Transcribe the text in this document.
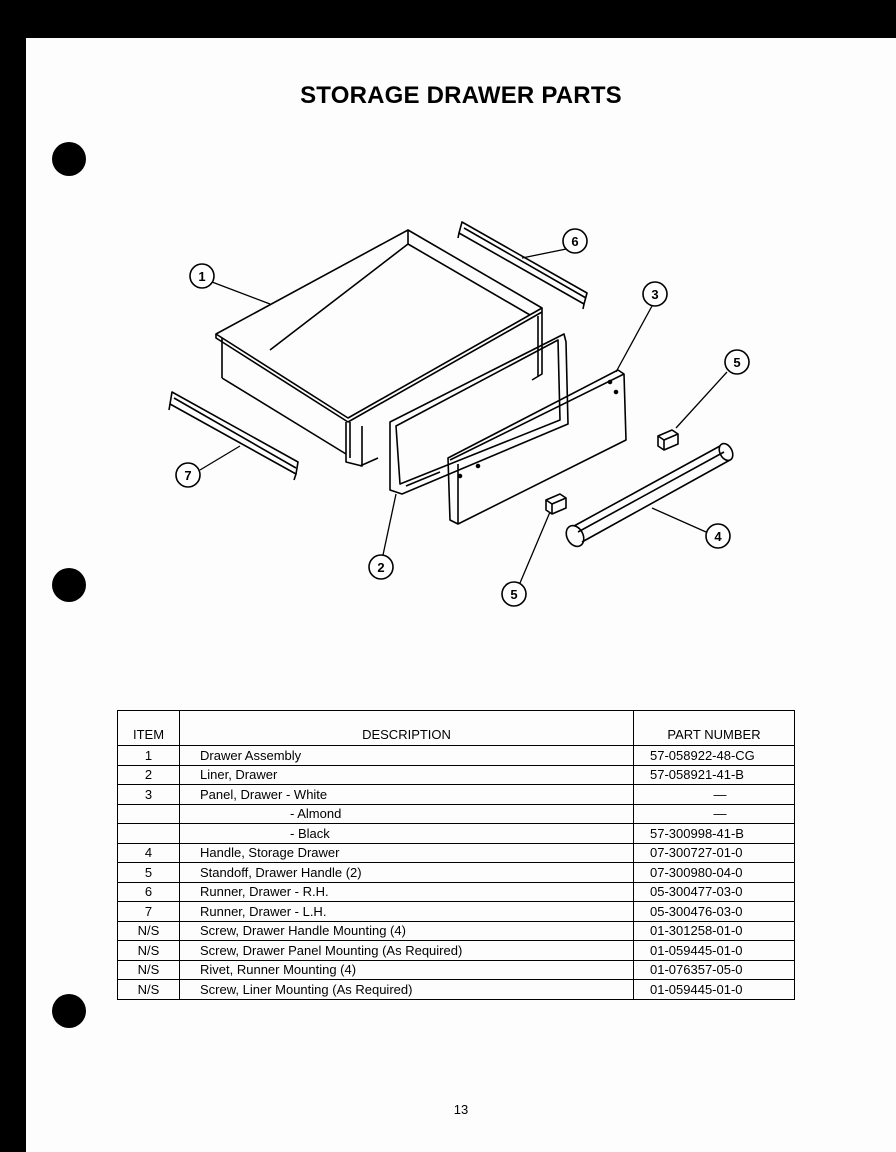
STORAGE DRAWER PARTS
1
2
3
4
5
5
6
7
ITEM	DESCRIPTION	PART NUMBER
1	Drawer Assembly	57-058922-48-CG
2	Liner, Drawer	57-058921-41-B
3	Panel, Drawer - White	—
	- Almond	—
	- Black	57-300998-41-B
4	Handle, Storage Drawer	07-300727-01-0
5	Standoff, Drawer Handle (2)	07-300980-04-0
6	Runner, Drawer - R.H.	05-300477-03-0
7	Runner, Drawer - L.H.	05-300476-03-0
N/S	Screw, Drawer Handle Mounting (4)	01-301258-01-0
N/S	Screw, Drawer Panel Mounting (As Required)	01-059445-01-0
N/S	Rivet, Runner Mounting (4)	01-076357-05-0
N/S	Screw, Liner Mounting (As Required)	01-059445-01-0
13
